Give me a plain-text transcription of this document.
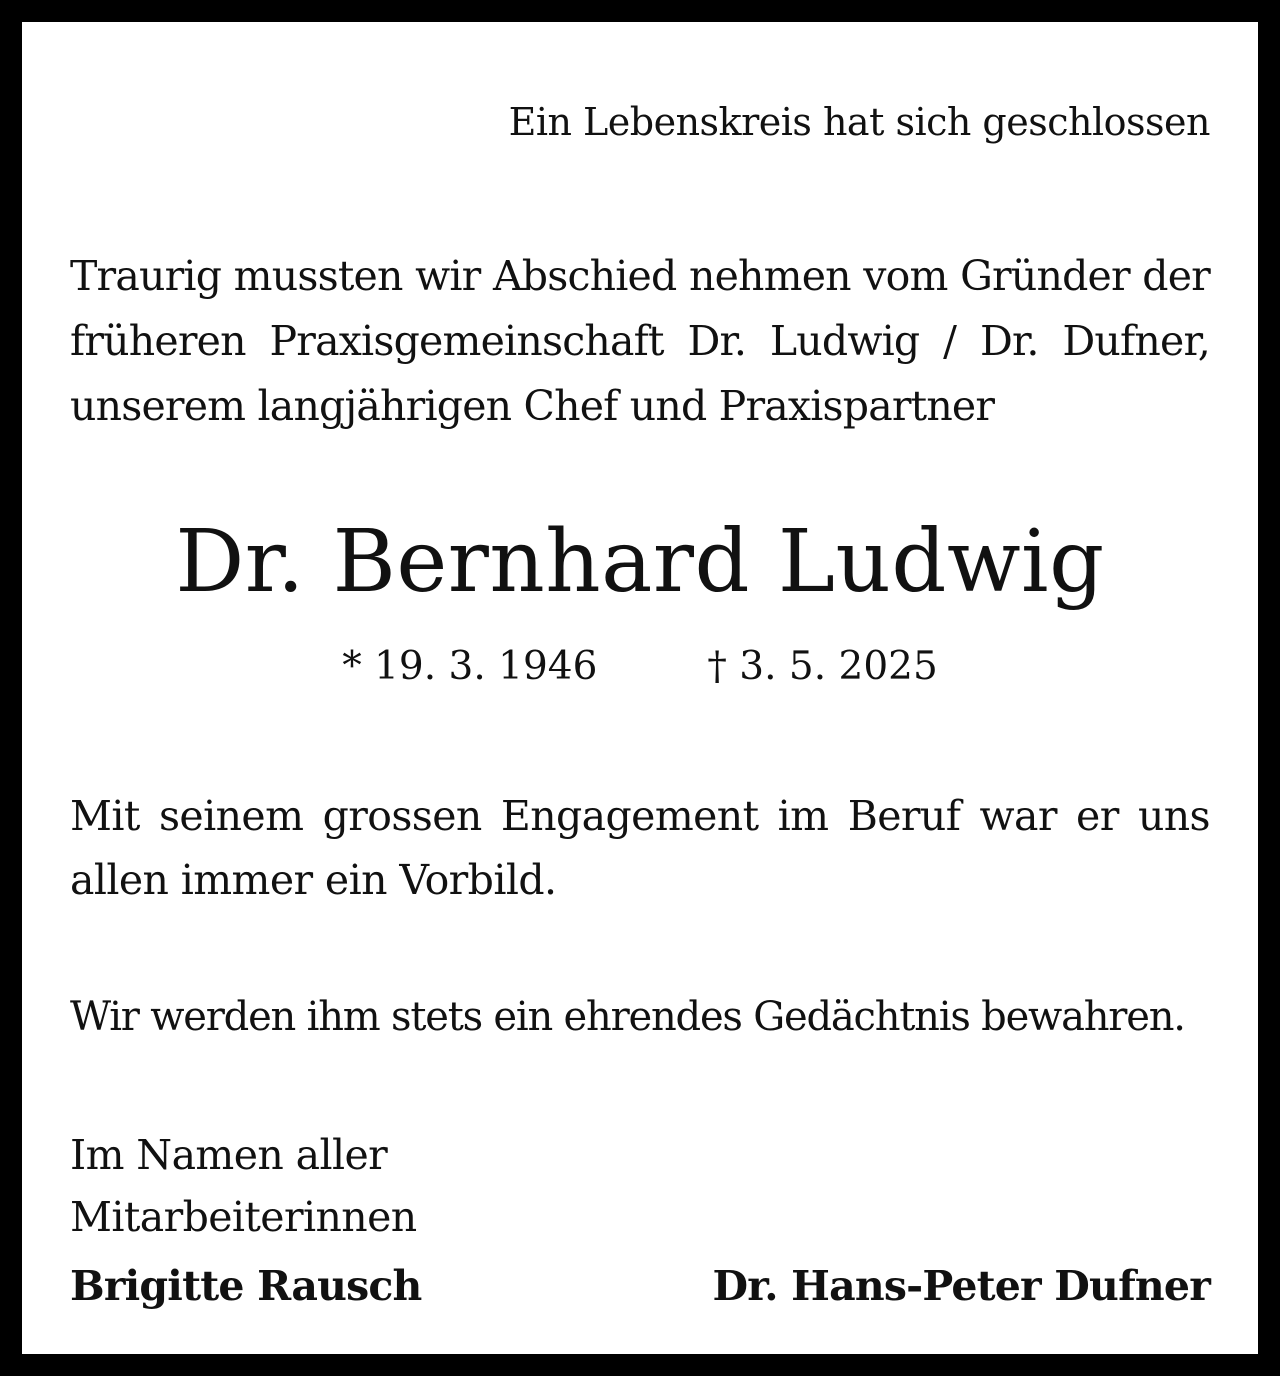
Ein Lebenskreis hat sich geschlossen
Traurig mussten wir Abschied nehmen vom Gründer der
früheren Praxisgemeinschaft Dr. Ludwig / Dr. Dufner,
unserem langjährigen Chef und Praxispartner
Dr. Bernhard Ludwig
* 19. 3. 1946	† 3. 5. 2025
Mit seinem grossen Engagement im Beruf war er uns
allen immer ein Vorbild.
Wir werden ihm stets ein ehrendes Gedächtnis bewahren.
Im Namen aller
Mitarbeiterinnen
Brigitte Rausch	Dr. Hans-Peter Dufner
